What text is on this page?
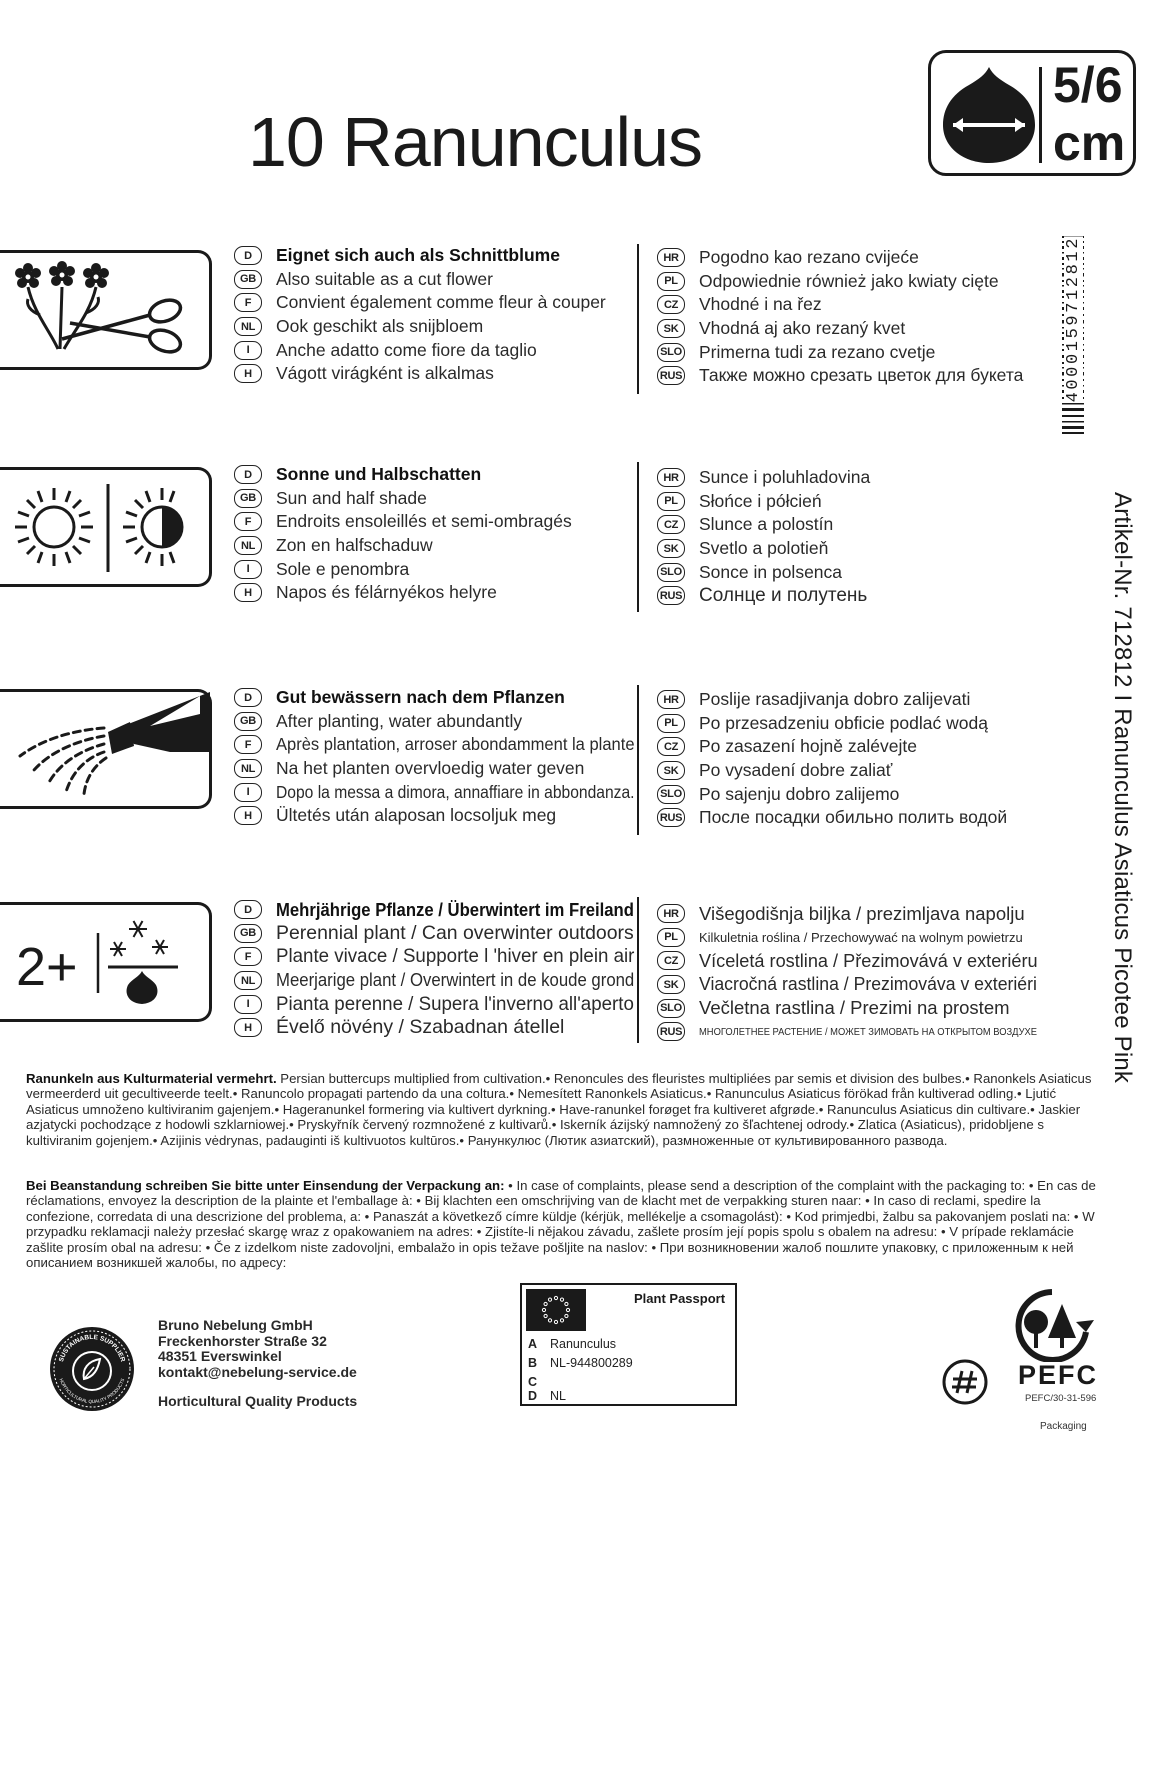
10 Ranunculus
5/6
cm
D	Eignet sich auch als Schnittblume
GB	Also suitable as a cut flower
F	Convient également comme fleur à couper
NL	Ook geschikt als snijbloem
I	Anche adatto come fiore da taglio
H	Vágott virágként is alkalmas
HR	Pogodno kao rezano cvijeće
PL	Odpowiednie również jako kwiaty cięte
CZ	Vhodné i na řez
SK	Vhodná aj ako rezaný kvet
SLO Primerna tudi za rezano cvetje
RUS Также можно срезать цветок для букета
D	Sonne und Halbschatten
GB	Sun and half shade
F	Endroits ensoleillés et semi-ombragés
NL	Zon en halfschaduw
I	Sole e penombra
H	Napos és félárnyékos helyre
HR	Sunce i poluhladovina
PL	Słońce i półcień
CZ	Slunce a polostín
SK	Svetlo a polotieň
SLO Sonce in polsenca
RUS Солнце и полутень
D	Gut bewässern nach dem Pflanzen
GB	After planting, water abundantly
F	Après plantation, arroser abondamment la plante
NL	Na het planten overvloedig water geven
I	Dopo la messa a dimora, annaffiare in abbondanza.
H	Ültetés után alaposan locsoljuk meg
HR	Poslije rasadjivanja dobro zalijevati
PL	Po przesadzeniu obficie podlać wodą
CZ	Po zasazení hojně zalévejte
SK	Po vysadení dobre zaliať
SLO Po sajenju dobro zalijemo
RUS После посадки обильно полить водой
2+
D	Mehrjährige Pflanze / Überwintert im Freiland
GB	Perennial plant / Can overwinter outdoors
F	Plante vivace / Supporte l 'hiver en plein air
NL	Meerjarige plant / Overwintert in de koude grond
I	Pianta perenne / Supera l'inverno all'aperto
H	Évelő növény / Szabadnan átellel
HR	Višegodišnja biljka / prezimljava napolju
PL	Kilkuletnia roślina / Przechowywać na wolnym powietrzu
CZ	Víceletá rostlina / Přezimovává v exteriéru
SK	Viacročná rastlina / Prezimováva v exteriéri
SLO Večletna rastlina / Prezimi na prostem
RUS МНОГОЛЕТНЕЕ РАСТЕНИЕ / МОЖЕТ ЗИМОВАТЬ НА ОТКРЫТОМ ВОЗДУХЕ
4000159712812
Artikel-Nr. 712812 I Ranunculus Asiaticus Picotee Pink
Ranunkeln aus Kulturmaterial vermehrt. Persian buttercups multiplied from cultivation.• Renoncules des fleuristes multipliées par semis et division des bulbes.• Ranonkels Asiaticus vermeerderd uit gecultiveerde teelt.• Ranuncolo propagati partendo da una coltura.• Nemesített Ranonkels Asiaticus.• Ranunculus Asiaticus förökad från kultiverad odling.• Ljutić Asiaticus umnoženo kultiviranim gajenjem.• Hageranunkel formering via kultivert dyrkning.• Have-ranunkel forøget fra kultiveret afgrøde.• Ranunculus Asiaticus din cultivare.• Jaskier azjatycki pochodzące z hodowli szklarniowej.• Pryskyřník červený rozmnožené z kultivarů.• Iskerník ázijský namnožený zo šľachtenej odrody.• Zlatica (Asiaticus), pridobljene s kultiviranim gojenjem.• Azijinis vėdrynas, padauginti iš kultivuotos kultūros.• Ранункулюс (Лютик азиатский), размноженные от культивированного развода.
Bei Beanstandung schreiben Sie bitte unter Einsendung der Verpackung an: • In case of complaints, please send a description of the complaint with the packaging to: • En cas de réclamations, envoyez la description de la plainte et l'emballage à: • Bij klachten een omschrijving van de klacht met de verpakking sturen naar: • In caso di reclami, spedire la confezione, corredata di una descrizione del problema, a: • Panaszát a következő címre küldje (kérjük, mellékelje a csomagolást): • Kod primjedbi, žalbu sa pakovanjem poslati na: • W przypadku reklamacji należy przesłać skargę wraz z opakowaniem na adres: • Zjistíte-li nějakou závadu, zašlete prosím její popis spolu s obalem na adresu: • V prípade reklamácie zašlite prosím obal na adresu: • Če z izdelkom niste zadovoljni, embalažo in opis težave pošljite na naslov: • При возникновении жалоб пошлите упаковку, с приложенным к ней описанием возникшей жалобы, по адресу:
SUSTAINABLE SUPPLIER
HORTICULTURAL QUALITY PRODUCTS
Bruno Nebelung GmbH
Freckenhorster Straße 32
48351 Everswinkel
kontakt@nebelung-service.de
Horticultural Quality Products
Plant Passport
A Ranunculus
B NL-944800289
C
D NL
PEFC
PEFC/30-31-596
Packaging
